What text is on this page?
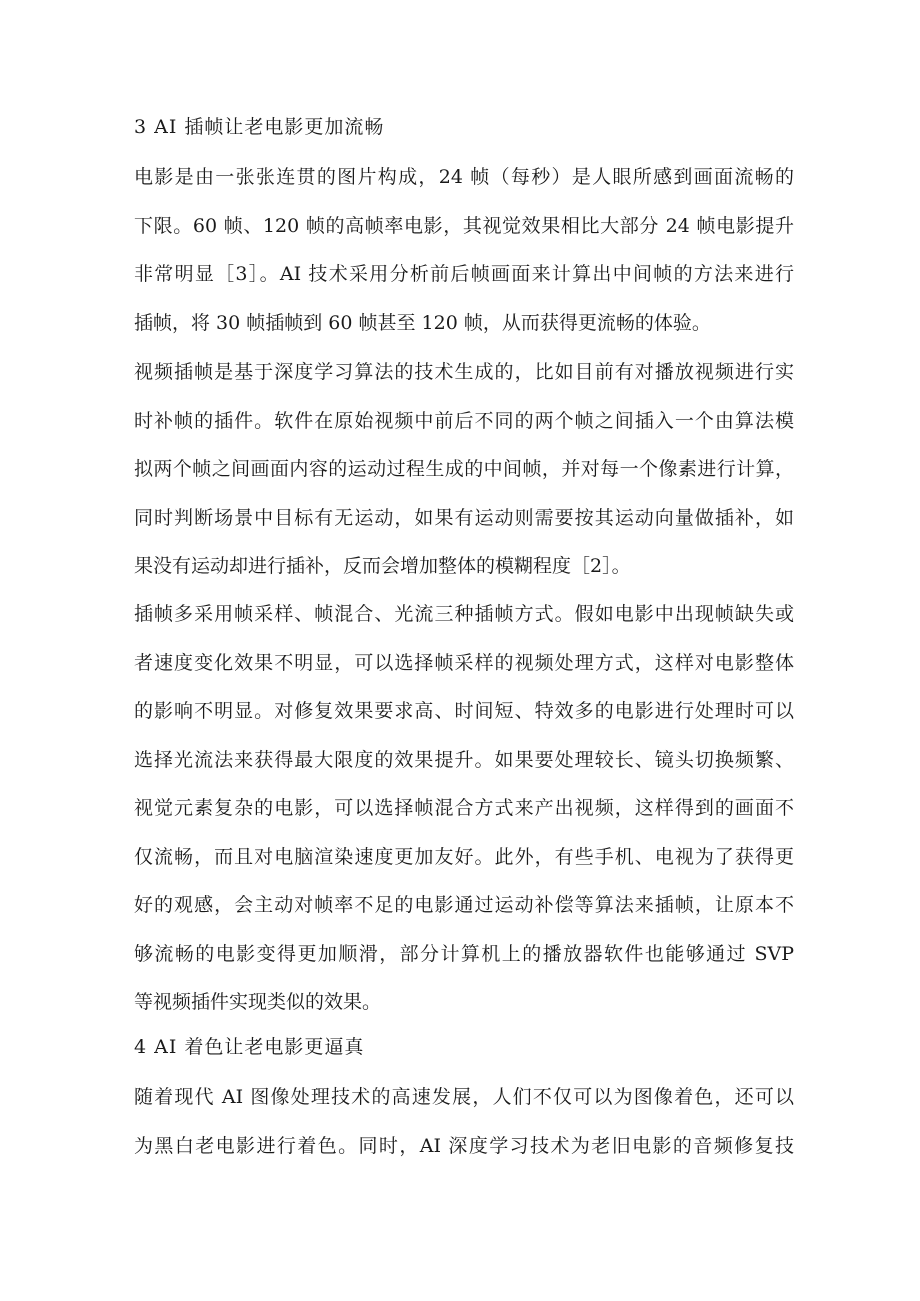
3 AI 插帧让老电影更加流畅
电影是由一张张连贯的图片构成，24 帧（每秒）是人眼所感到画面流畅的
下限。60 帧、120 帧的高帧率电影，其视觉效果相比大部分 24 帧电影提升
非常明显［3］。AI 技术采用分析前后帧画面来计算出中间帧的方法来进行
插帧，将 30 帧插帧到 60 帧甚至 120 帧，从而获得更流畅的体验。
视频插帧是基于深度学习算法的技术生成的，比如目前有对播放视频进行实
时补帧的插件。软件在原始视频中前后不同的两个帧之间插入一个由算法模
拟两个帧之间画面内容的运动过程生成的中间帧，并对每一个像素进行计算，
同时判断场景中目标有无运动，如果有运动则需要按其运动向量做插补，如
果没有运动却进行插补，反而会增加整体的模糊程度［2］。
插帧多采用帧采样、帧混合、光流三种插帧方式。假如电影中出现帧缺失或
者速度变化效果不明显，可以选择帧采样的视频处理方式，这样对电影整体
的影响不明显。对修复效果要求高、时间短、特效多的电影进行处理时可以
选择光流法来获得最大限度的效果提升。如果要处理较长、镜头切换频繁、
视觉元素复杂的电影，可以选择帧混合方式来产出视频，这样得到的画面不
仅流畅，而且对电脑渲染速度更加友好。此外，有些手机、电视为了获得更
好的观感，会主动对帧率不足的电影通过运动补偿等算法来插帧，让原本不
够流畅的电影变得更加顺滑，部分计算机上的播放器软件也能够通过 SVP
等视频插件实现类似的效果。
4 AI 着色让老电影更逼真
随着现代 AI 图像处理技术的高速发展，人们不仅可以为图像着色，还可以
为黑白老电影进行着色。同时，AI 深度学习技术为老旧电影的音频修复技
